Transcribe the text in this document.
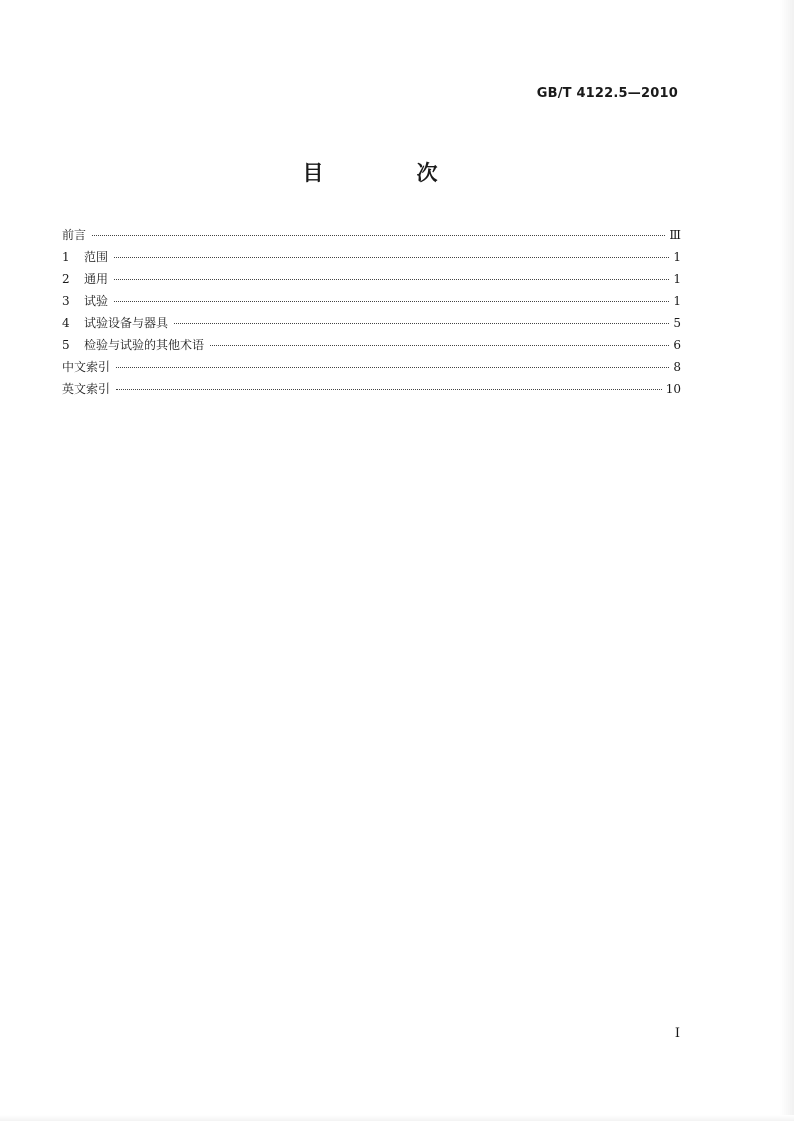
GB/T 4122.5—2010
目　次
前言	Ⅲ
1	范围	1
2	通用	1
3	试验	1
4	试验设备与器具	5
5	检验与试验的其他术语	6
中文索引	8
英文索引	10
I
